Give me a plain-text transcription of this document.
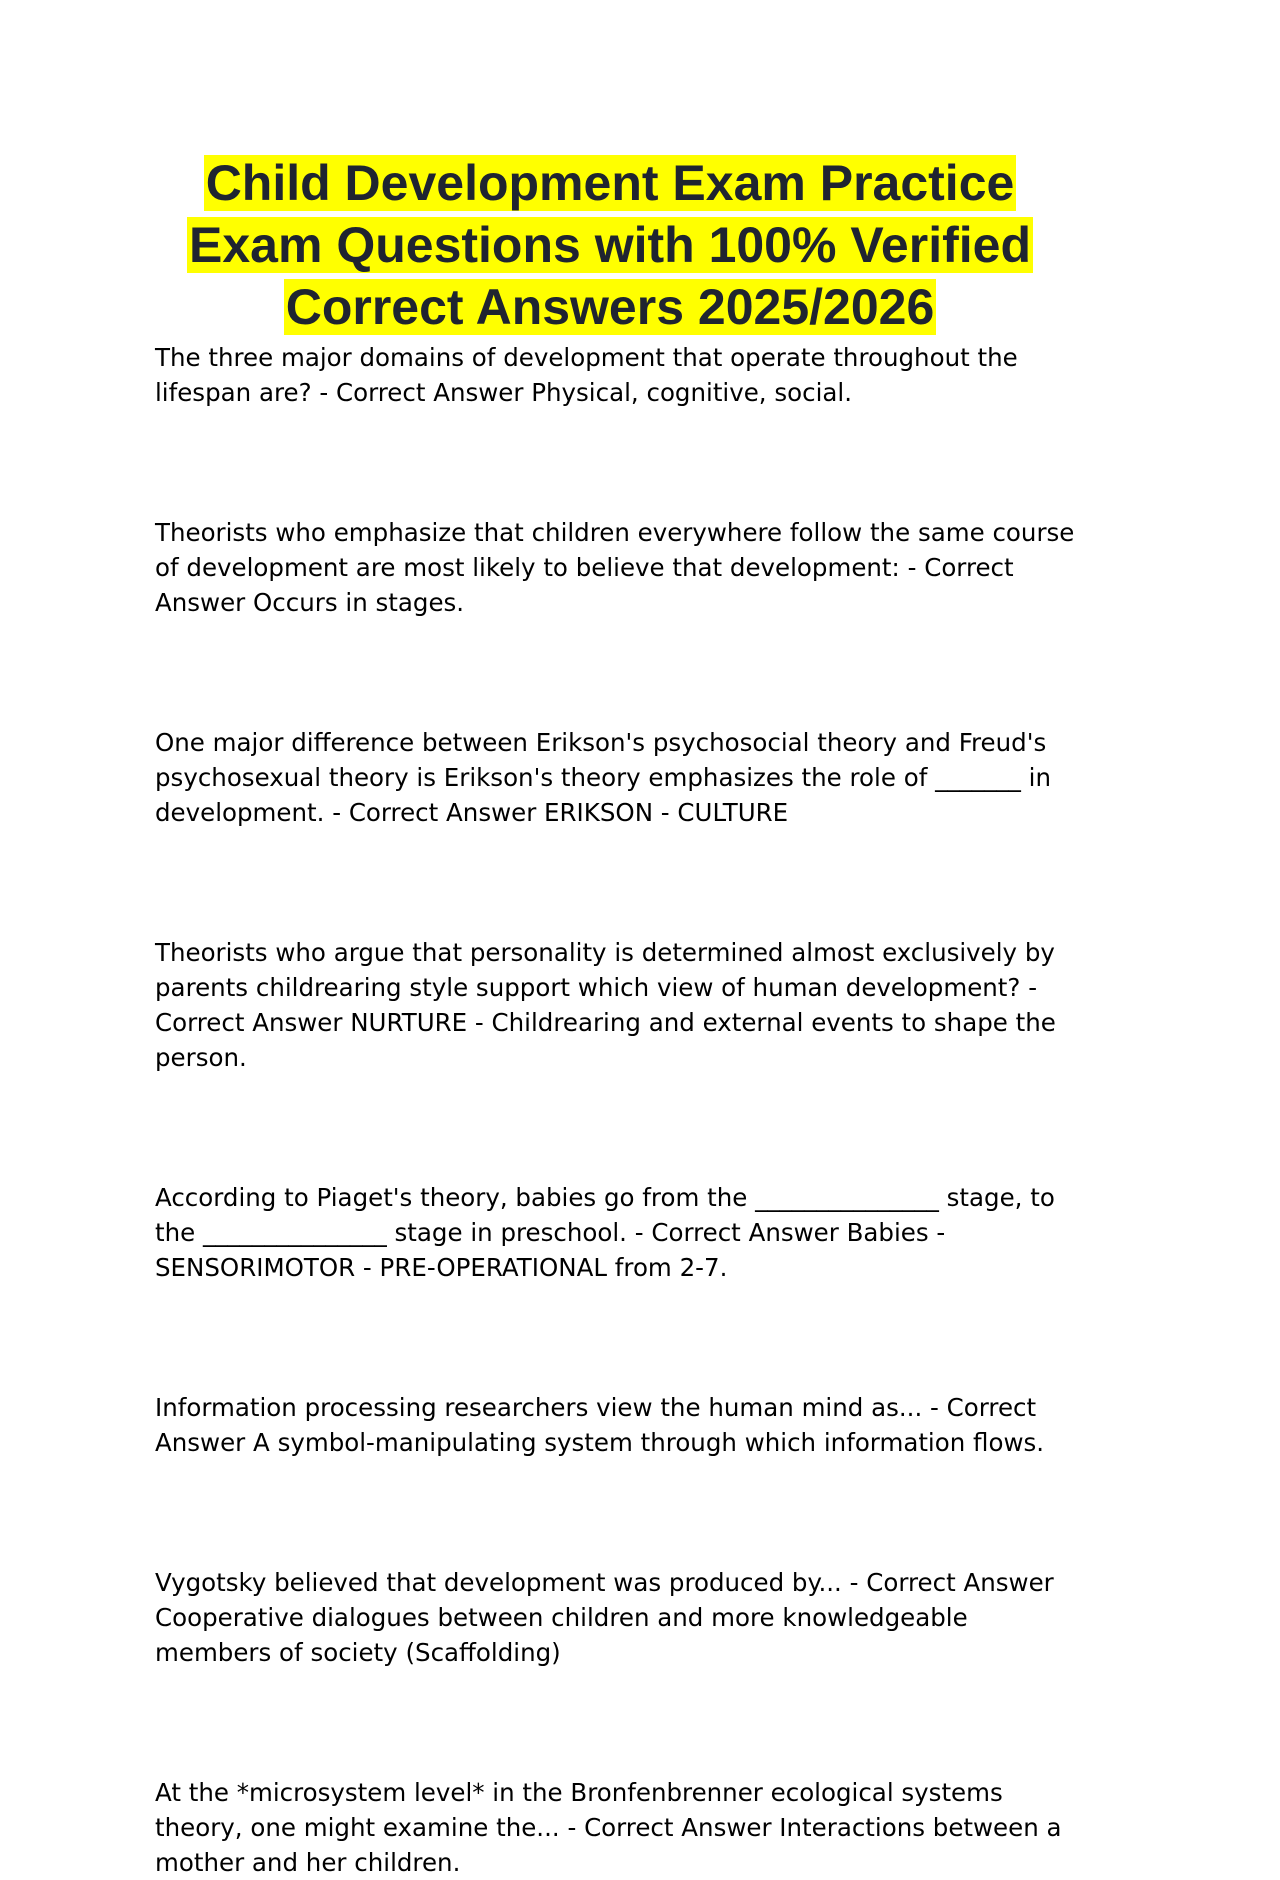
Child Development Exam Practice
Exam Questions with 100% Verified
Correct Answers 2025/2026
The three major domains of development that operate throughout the
lifespan are? - Correct Answer Physical, cognitive, social.
Theorists who emphasize that children everywhere follow the same course
of development are most likely to believe that development: - Correct
Answer Occurs in stages.
One major difference between Erikson's psychosocial theory and Freud's
psychosexual theory is Erikson's theory emphasizes the role of _______ in
development. - Correct Answer ERIKSON - CULTURE
Theorists who argue that personality is determined almost exclusively by
parents childrearing style support which view of human development? -
Correct Answer NURTURE - Childrearing and external events to shape the
person.
According to Piaget's theory, babies go from the _______________ stage, to
the _______________ stage in preschool. - Correct Answer Babies -
SENSORIMOTOR - PRE-OPERATIONAL from 2-7.
Information processing researchers view the human mind as... - Correct
Answer A symbol-manipulating system through which information flows.
Vygotsky believed that development was produced by... - Correct Answer
Cooperative dialogues between children and more knowledgeable
members of society (Scaffolding)
At the *microsystem level* in the Bronfenbrenner ecological systems
theory, one might examine the... - Correct Answer Interactions between a
mother and her children.
